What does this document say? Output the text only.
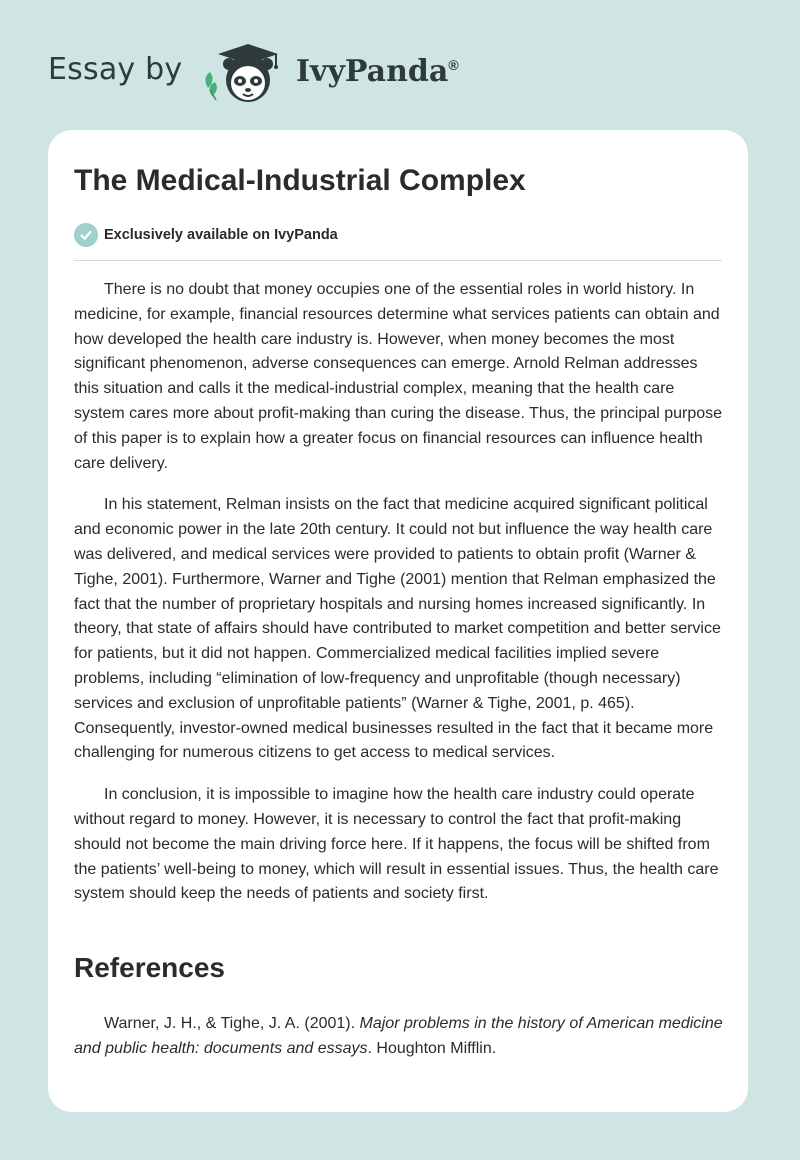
Essay by	IvyPanda®
The Medical-Industrial Complex
Exclusively available on IvyPanda

There is no doubt that money occupies one of the essential roles in world history. In medicine, for example, financial resources determine what services patients can obtain and how developed the health care industry is. However, when money becomes the most significant phenomenon, adverse consequences can emerge. Arnold Relman addresses this situation and calls it the medical-industrial complex, meaning that the health care system cares more about profit-making than curing the disease. Thus, the principal purpose of this paper is to explain how a greater focus on financial resources can influence health care delivery.

In his statement, Relman insists on the fact that medicine acquired significant political and economic power in the late 20th century. It could not but influence the way health care was delivered, and medical services were provided to patients to obtain profit (Warner & Tighe, 2001). Furthermore, Warner and Tighe (2001) mention that Relman emphasized the fact that the number of proprietary hospitals and nursing homes increased significantly. In theory, that state of affairs should have contributed to market competition and better service for patients, but it did not happen. Commercialized medical facilities implied severe problems, including “elimination of low-frequency and unprofitable (though necessary) services and exclusion of unprofitable patients” (Warner & Tighe, 2001, p. 465). Consequently, investor-owned medical businesses resulted in the fact that it became more challenging for numerous citizens to get access to medical services.

In conclusion, it is impossible to imagine how the health care industry could operate without regard to money. However, it is necessary to control the fact that profit-making should not become the main driving force here. If it happens, the focus will be shifted from the patients’ well-being to money, which will result in essential issues. Thus, the health care system should keep the needs of patients and society first.

References

Warner, J. H., & Tighe, J. A. (2001). Major problems in the history of American medicine and public health: documents and essays. Houghton Mifflin.
